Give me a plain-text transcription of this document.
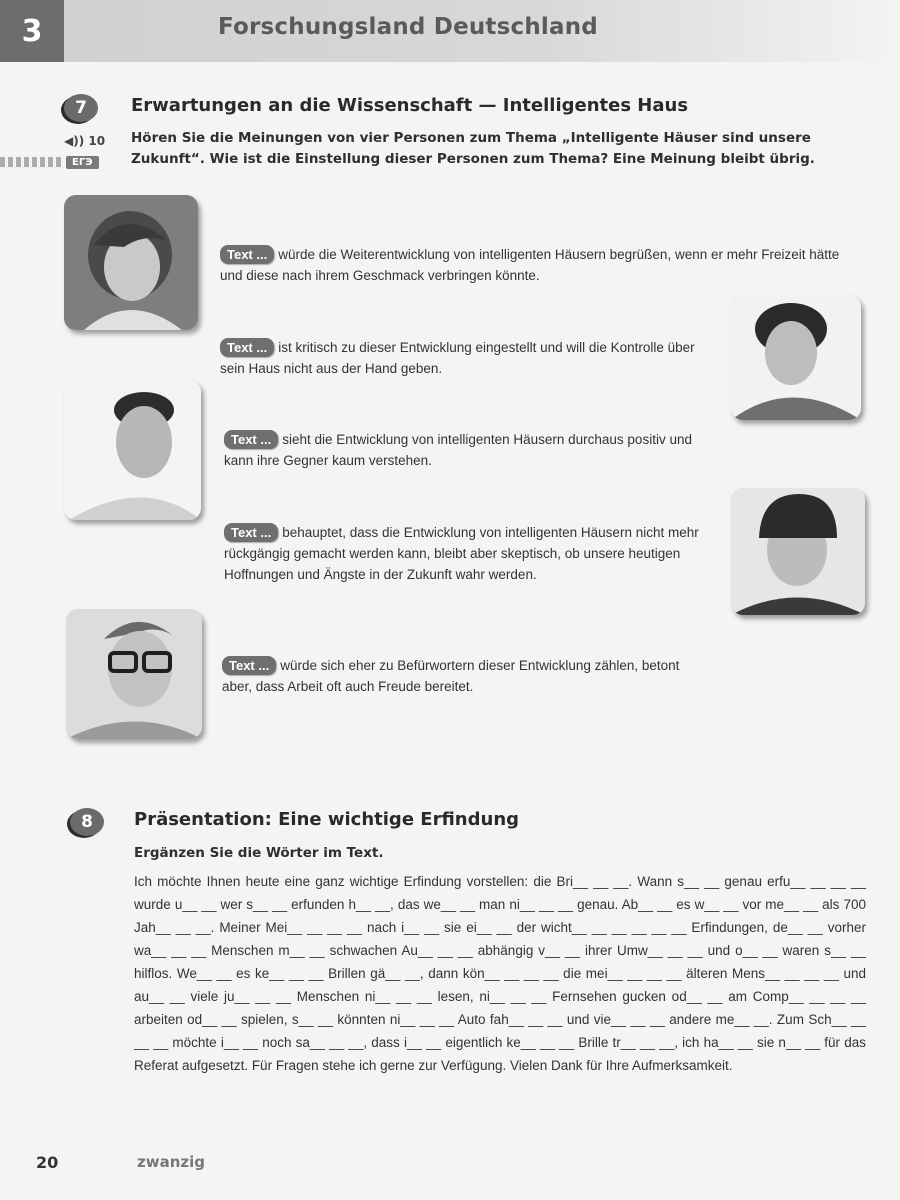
3	Forschungsland Deutschland
7	Erwartungen an die Wissenschaft — Intelligentes Haus
◀)) 10
ЕГЭ
Hören Sie die Meinungen von vier Personen zum Thema „Intelligente Häuser sind unsere Zukunft“. Wie ist die Einstellung dieser Personen zum Thema? Eine Meinung bleibt übrig.
Text ... würde die Weiterentwicklung von intelligenten Häusern begrüßen, wenn er mehr Freizeit hätte und diese nach ihrem Geschmack verbringen könnte.
Text ... ist kritisch zu dieser Entwicklung eingestellt und will die Kontrolle über sein Haus nicht aus der Hand geben.
Text ... sieht die Entwicklung von intelligenten Häusern durchaus positiv und kann ihre Gegner kaum verstehen.
Text ... behauptet, dass die Entwicklung von intelligenten Häusern nicht mehr rückgängig gemacht werden kann, bleibt aber skeptisch, ob unsere heutigen Hoffnungen und Ängste in der Zukunft wahr werden.
Text ... würde sich eher zu Befürwortern dieser Entwicklung zählen, betont aber, dass Arbeit oft auch Freude bereitet.
8	Präsentation: Eine wichtige Erfindung
Ergänzen Sie die Wörter im Text.
Ich möchte Ihnen heute eine ganz wichtige Erfindung vorstellen: die Bri__ __ __. Wann s__ __ genau erfu__ __ __ __ wurde u__ __ wer s__ __ erfunden h__ __, das we__ __ man ni__ __ __ genau. Ab__ __ es w__ __ vor me__ __ als 700 Jah__ __ __. Meiner Mei__ __ __ __ nach i__ __ sie ei__ __ der wicht__ __ __ __ __ __ Erfindungen, de__ __ vorher wa__ __ __ Menschen m__ __ schwachen Au__ __ __ abhängig v__ __ ihrer Umw__ __ __ und o__ __ waren s__ __ hilflos. We__ __ es ke__ __ __ Brillen gä__ __, dann kön__ __ __ __ die mei__ __ __ __ älteren Mens__ __ __ __ und au__ __ viele ju__ __ __ Menschen ni__ __ __ lesen, ni__ __ __ Fernsehen gucken od__ __ am Comp__ __ __ __ arbeiten od__ __ spielen, s__ __ könnten ni__ __ __ Auto fah__ __ __ und vie__ __ __ andere me__ __. Zum Sch__ __ __ __ möchte i__ __ noch sa__ __ __, dass i__ __ eigentlich ke__ __ __ Brille tr__ __ __, ich ha__ __ sie n__ __ für das Referat aufgesetzt. Für Fragen stehe ich gerne zur Verfügung. Vielen Dank für Ihre Aufmerksamkeit.
20	zwanzig
